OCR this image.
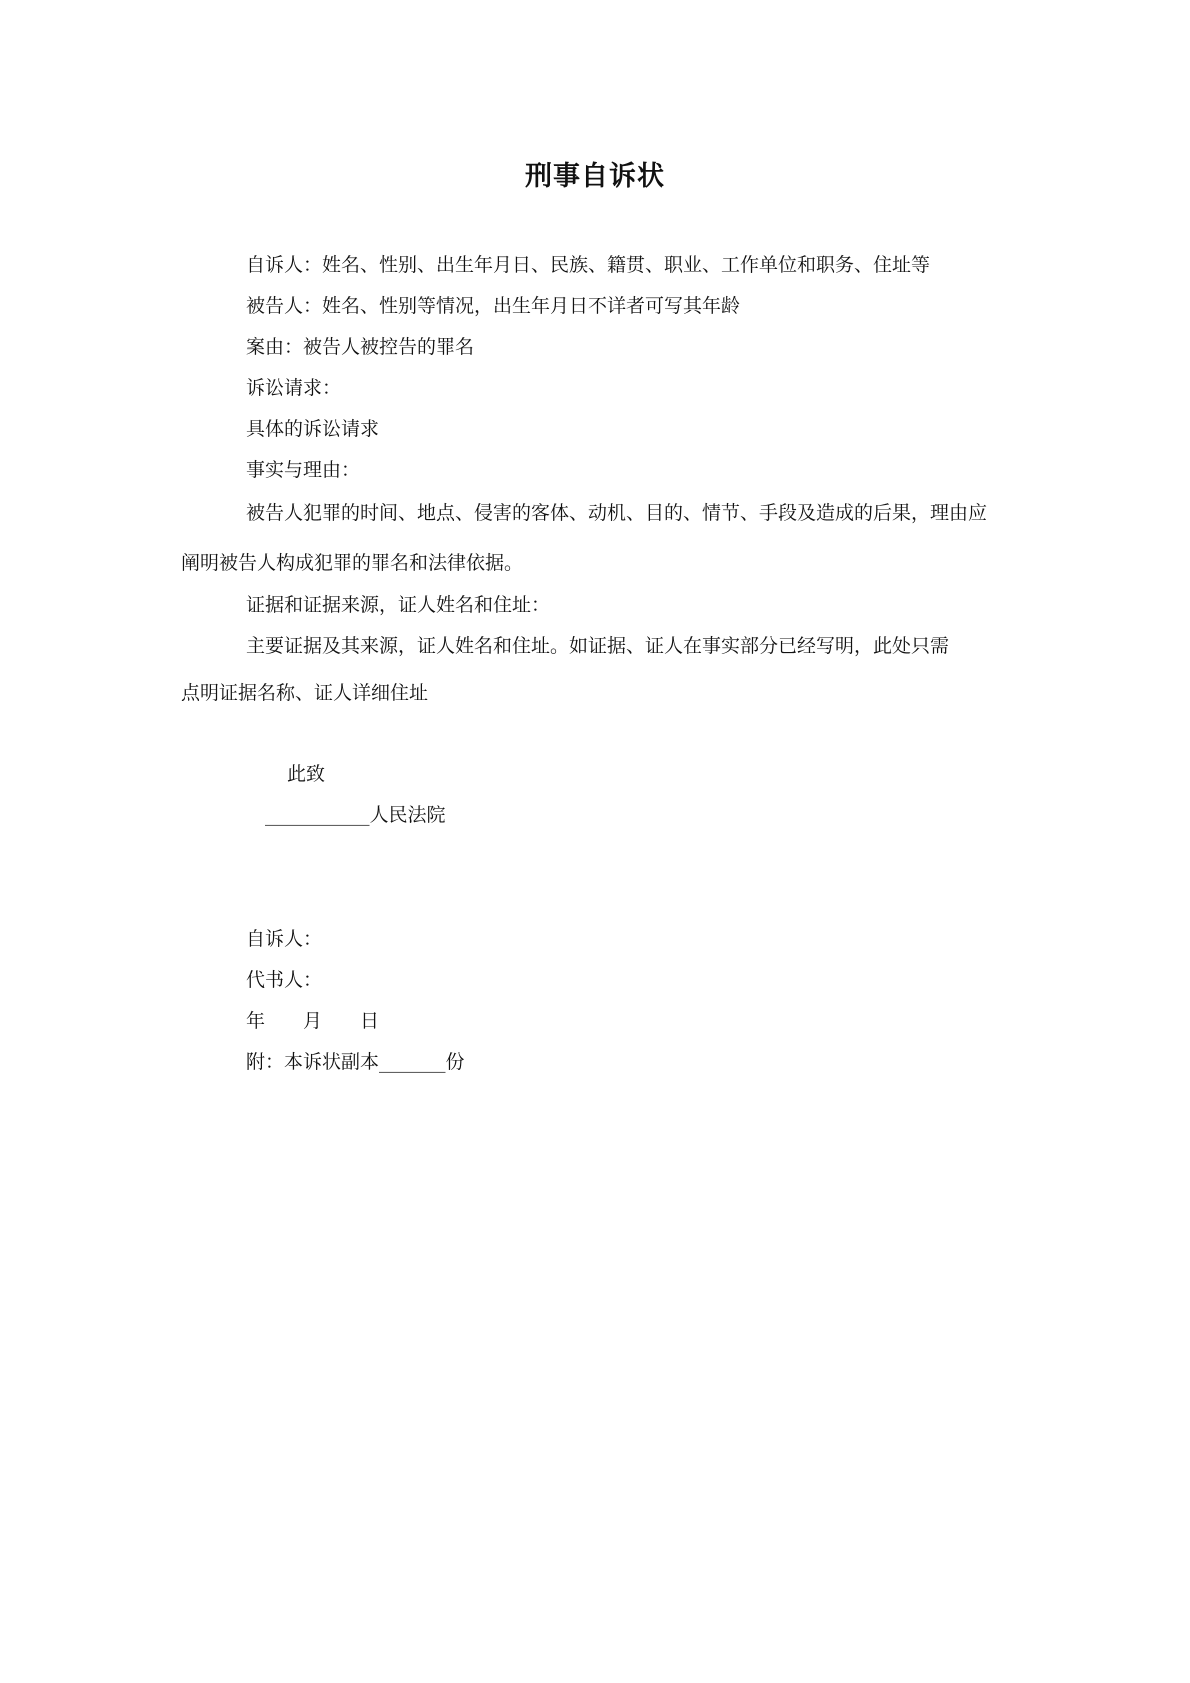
刑事自诉状
自诉人：姓名、性别、出生年月日、民族、籍贯、职业、工作单位和职务、住址等
被告人：姓名、性别等情况，出生年月日不详者可写其年龄
案由：被告人被控告的罪名
诉讼请求：
具体的诉讼请求
事实与理由：
被告人犯罪的时间、地点、侵害的客体、动机、目的、情节、手段及造成的后果，理由应
阐明被告人构成犯罪的罪名和法律依据。
证据和证据来源，证人姓名和住址：
主要证据及其来源，证人姓名和住址。如证据、证人在事实部分已经写明，此处只需
点明证据名称、证人详细住址
此致
___________人民法院
自诉人：
代书人：
年　　月　　日
附：本诉状副本_______份
